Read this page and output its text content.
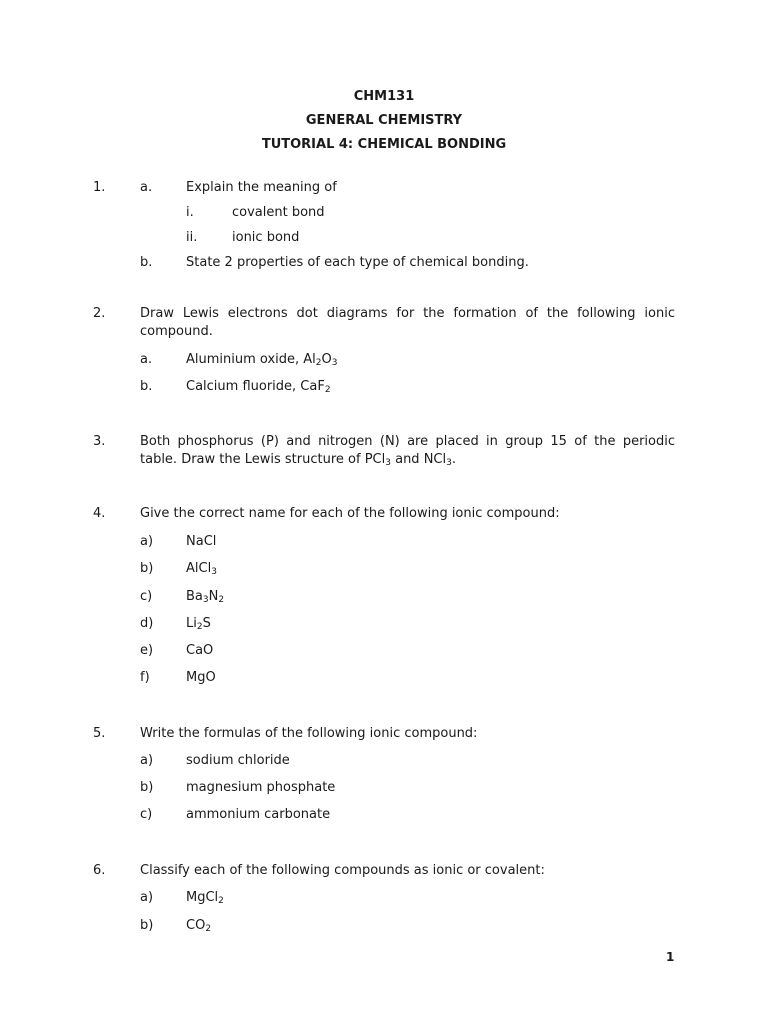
CHM131
GENERAL CHEMISTRY
TUTORIAL 4: CHEMICAL BONDING
1.	a.	Explain the meaning of
i.	covalent bond
ii.	ionic bond
b.	State 2 properties of each type of chemical bonding.
2.	Draw Lewis electrons dot diagrams for the formation of the following ionic compound.
a.	Aluminium oxide, $Al_2O_3$
b.	Calcium fluoride, CaF$_2$
3.	Both phosphorus (P) and nitrogen (N) are placed in group 15 of the periodic
table. Draw the Lewis structure of PCl$_3$ and NCl$_3$.
4.	Give the correct name for each of the following ionic compound:
a)	NaCl
b)	AlCl$_3$
c)	$Ba_3N_2$
d)	$Li_2S$
e)	CaO
f)	MgO
5.	Write the formulas of the following ionic compound:
a)	sodium chloride
b)	magnesium phosphate
c)	ammonium carbonate
6.	Classify each of the following compounds as ionic or covalent:
a)	MgCl$_2$
b)	$CO_2$
1
